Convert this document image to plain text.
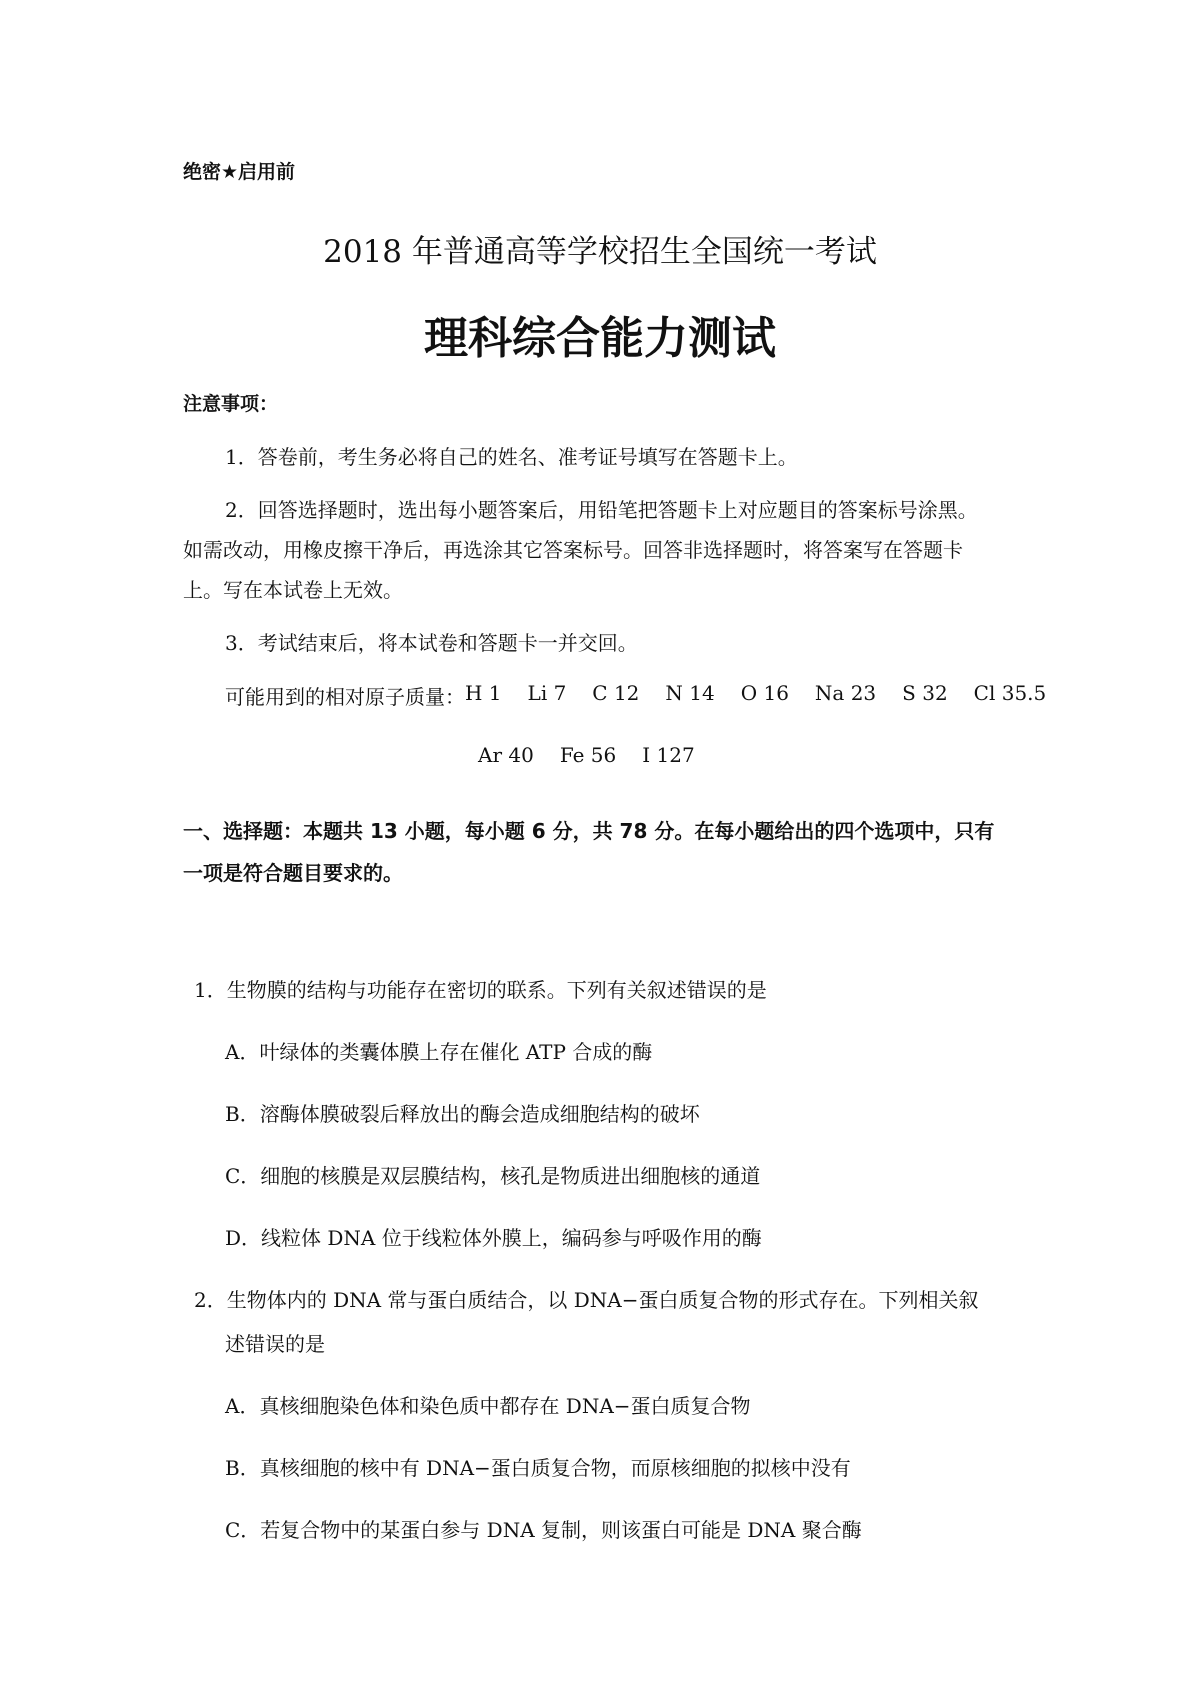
绝密★启用前
2018 年普通高等学校招生全国统一考试
理科综合能力测试
注意事项：
1．答卷前，考生务必将自己的姓名、准考证号填写在答题卡上。
2．回答选择题时，选出每小题答案后，用铅笔把答题卡上对应题目的答案标号涂黑。
如需改动，用橡皮擦干净后，再选涂其它答案标号。回答非选择题时，将答案写在答题卡
上。写在本试卷上无效。
3．考试结束后，将本试卷和答题卡一并交回。
可能用到的相对原子质量： H 1 Li 7 C 12 N 14 O 16 Na 23 S 32 Cl 35.5
Ar 40 Fe 56 I 127
一、选择题：本题共 13 小题，每小题 6 分，共 78 分。在每小题给出的四个选项中，只有
一项是符合题目要求的。
1．生物膜的结构与功能存在密切的联系。下列有关叙述错误的是
A．叶绿体的类囊体膜上存在催化 ATP 合成的酶
B．溶酶体膜破裂后释放出的酶会造成细胞结构的破坏
C．细胞的核膜是双层膜结构，核孔是物质进出细胞核的通道
D．线粒体 DNA 位于线粒体外膜上，编码参与呼吸作用的酶
2．生物体内的 DNA 常与蛋白质结合，以 DNA−蛋白质复合物的形式存在。下列相关叙
述错误的是
A．真核细胞染色体和染色质中都存在 DNA−蛋白质复合物
B．真核细胞的核中有 DNA−蛋白质复合物，而原核细胞的拟核中没有
C．若复合物中的某蛋白参与 DNA 复制，则该蛋白可能是 DNA 聚合酶
